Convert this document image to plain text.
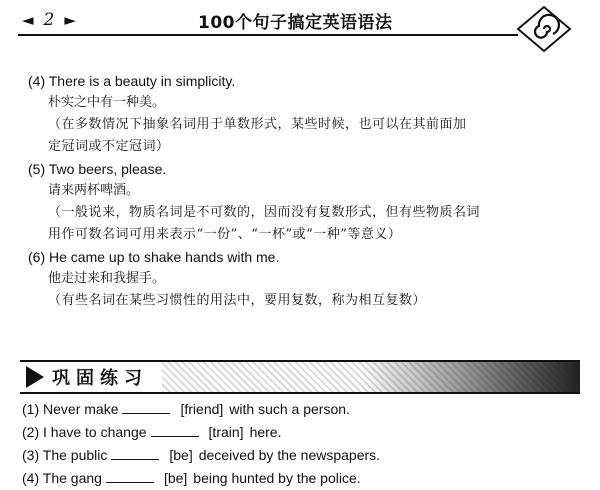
◄ 2 ►	100个句子搞定英语语法
(4) There is a beauty in simplicity.
朴实之中有一种美。
（在多数情况下抽象名词用于单数形式，某些时候，也可以在其前面加
定冠词或不定冠词）
(5) Two beers, please.
请来两杯啤酒。
（一般说来，物质名词是不可数的，因而没有复数形式，但有些物质名词
用作可数名词可用来表示“一份”、“一杯”或“一种”等意义）
(6) He came up to shake hands with me.
他走过来和我握手。
（有些名词在某些习惯性的用法中，要用复数，称为相互复数）
巩固练习
(1) Never make	[friend] with such a person.
(2) I have to change	[train] here.
(3) The public	[be] deceived by the newspapers.
(4) The gang	[be] being hunted by the police.
